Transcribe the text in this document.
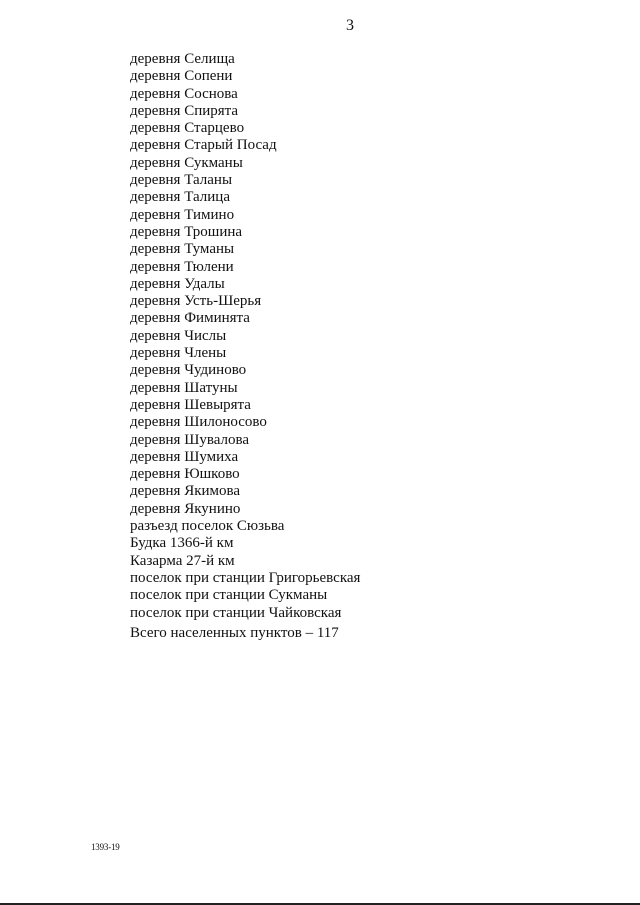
3
деревня Селища
деревня Сопени
деревня Соснова
деревня Спирята
деревня Старцево
деревня Старый Посад
деревня Сукманы
деревня Таланы
деревня Талица
деревня Тимино
деревня Трошина
деревня Туманы
деревня Тюлени
деревня Удалы
деревня Усть-Шерья
деревня Фиминята
деревня Числы
деревня Члены
деревня Чудиново
деревня Шатуны
деревня Шевырята
деревня Шилоносово
деревня Шувалова
деревня Шумиха
деревня Юшково
деревня Якимова
деревня Якунино
разъезд поселок Сюзьва
Будка 1366-й км
Казарма 27-й км
поселок при станции Григорьевская
поселок при станции Сукманы
поселок при станции Чайковская
Всего населенных пунктов – 117
1393-19
